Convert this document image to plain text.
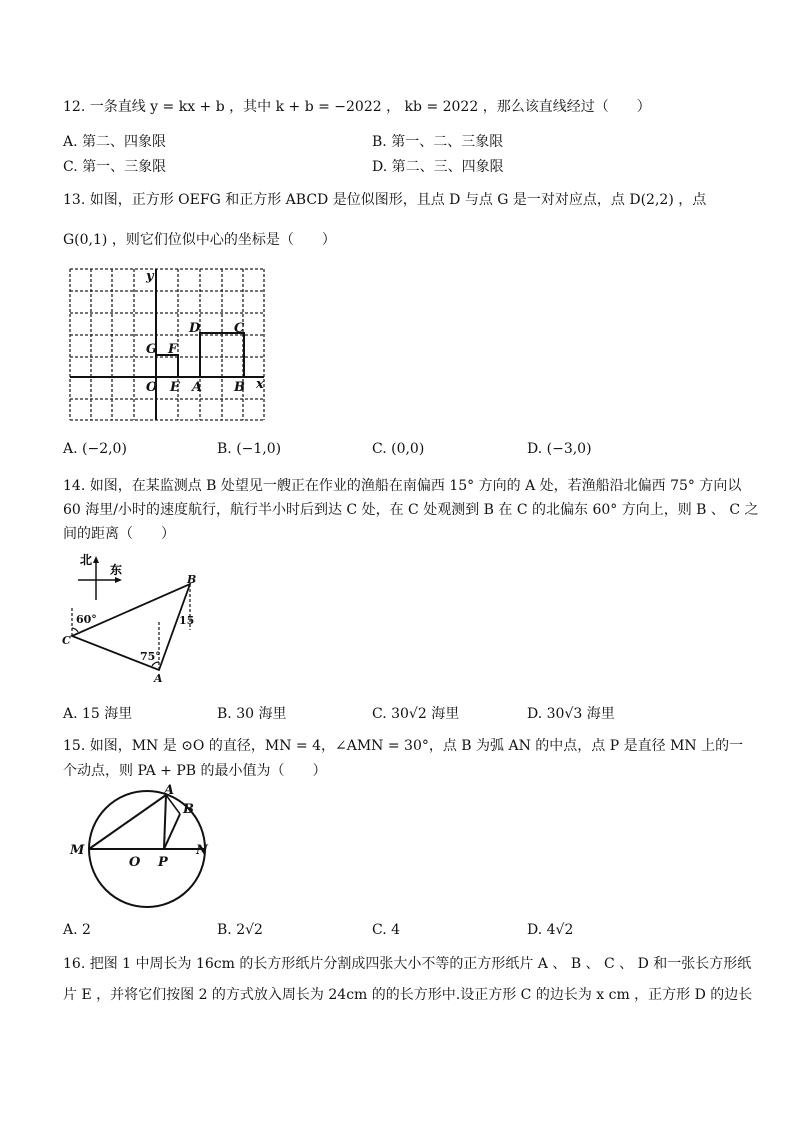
12. 一条直线 y = kx + b ，其中 k + b = −2022 ， kb = 2022 ，那么该直线经过（　　）
A. 第二、四象限	B. 第一、二、三象限
C. 第一、三象限	D. 第二、三、四象限
13. 如图，正方形 OEFG 和正方形 ABCD 是位似图形，且点 D 与点 G 是一对对应点，点 D(2,2) ，点
G(0,1) ，则它们位似中心的坐标是（　　）
y
x
O E A B
G F
D	C
A. (−2,0)	B. (−1,0)	C. (0,0)	D. (−3,0)
14. 如图，在某监测点 B 处望见一艘正在作业的渔船在南偏西 15° 方向的 A 处，若渔船沿北偏西 75° 方向以
60 海里/小时的速度航行，航行半小时后到达 C 处，在 C 处观测到 B 在 C 的北偏东 60° 方向上，则 B 、 C 之
间的距离（　　）
北
东
60°
75°
15
B
C
A
A. 15 海里	B. 30 海里	C. 30√2 海里	D. 30√3 海里
15. 如图，MN 是 ⊙O 的直径，MN = 4，∠AMN = 30°，点 B 为弧 AN 的中点，点 P 是直径 MN 上的一
个动点，则 PA + PB 的最小值为（　　）
M
O P
N
A
B
A. 2	B. 2√2	C. 4	D. 4√2
16. 把图 1 中周长为 16cm 的长方形纸片分割成四张大小不等的正方形纸片 A 、 B 、 C 、 D 和一张长方形纸
片 E ，并将它们按图 2 的方式放入周长为 24cm 的的长方形中.设正方形 C 的边长为 x cm ，正方形 D 的边长
